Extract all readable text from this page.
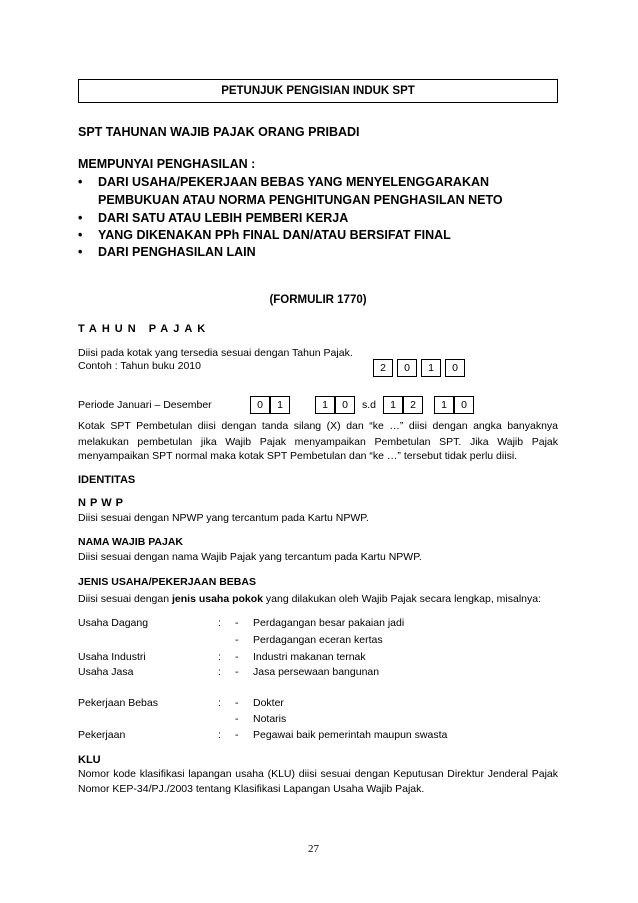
PETUNJUK PENGISIAN INDUK SPT
SPT TAHUNAN WAJIB PAJAK ORANG PRIBADI
MEMPUNYAI PENGHASILAN :
• DARI USAHA/PEKERJAAN BEBAS YANG MENYELENGGARAKAN
PEMBUKUAN ATAU NORMA PENGHITUNGAN PENGHASILAN NETO
• DARI SATU ATAU LEBIH PEMBERI KERJA
• YANG DIKENAKAN PPh FINAL DAN/ATAU BERSIFAT FINAL
• DARI PENGHASILAN LAIN
(FORMULIR 1770)
TAHUN PAJAK
Diisi pada kotak yang tersedia sesuai dengan Tahun Pajak.
Contoh : Tahun buku 2010	2	0	1	0
Periode Januari – Desember	0	1	1	0	s.d	1	2	1	0
Kotak SPT Pembetulan diisi dengan tanda silang (X) dan “ke …” diisi dengan angka banyaknya
melakukan pembetulan jika Wajib Pajak menyampaikan Pembetulan SPT. Jika Wajib Pajak
menyampaikan SPT normal maka kotak SPT Pembetulan dan “ke …” tersebut tidak perlu diisi.
IDENTITAS
NPWP
Diisi sesuai dengan NPWP yang tercantum pada Kartu NPWP.
NAMA WAJIB PAJAK
Diisi sesuai dengan nama Wajib Pajak yang tercantum pada Kartu NPWP.
JENIS USAHA/PEKERJAAN BEBAS
Diisi sesuai dengan jenis usaha pokok yang dilakukan oleh Wajib Pajak secara lengkap, misalnya:
Usaha Dagang	: - Perdagangan besar pakaian jadi
- Perdagangan eceran kertas
Usaha Industri	: - Industri makanan ternak
Usaha Jasa	: - Jasa persewaan bangunan
Pekerjaan Bebas	: - Dokter
- Notaris
Pekerjaan	: - Pegawai baik pemerintah maupun swasta
KLU
Nomor kode klasifikasi lapangan usaha (KLU) diisi sesuai dengan Keputusan Direktur Jenderal Pajak
Nomor KEP-34/PJ./2003 tentang Klasifikasi Lapangan Usaha Wajib Pajak.
27
